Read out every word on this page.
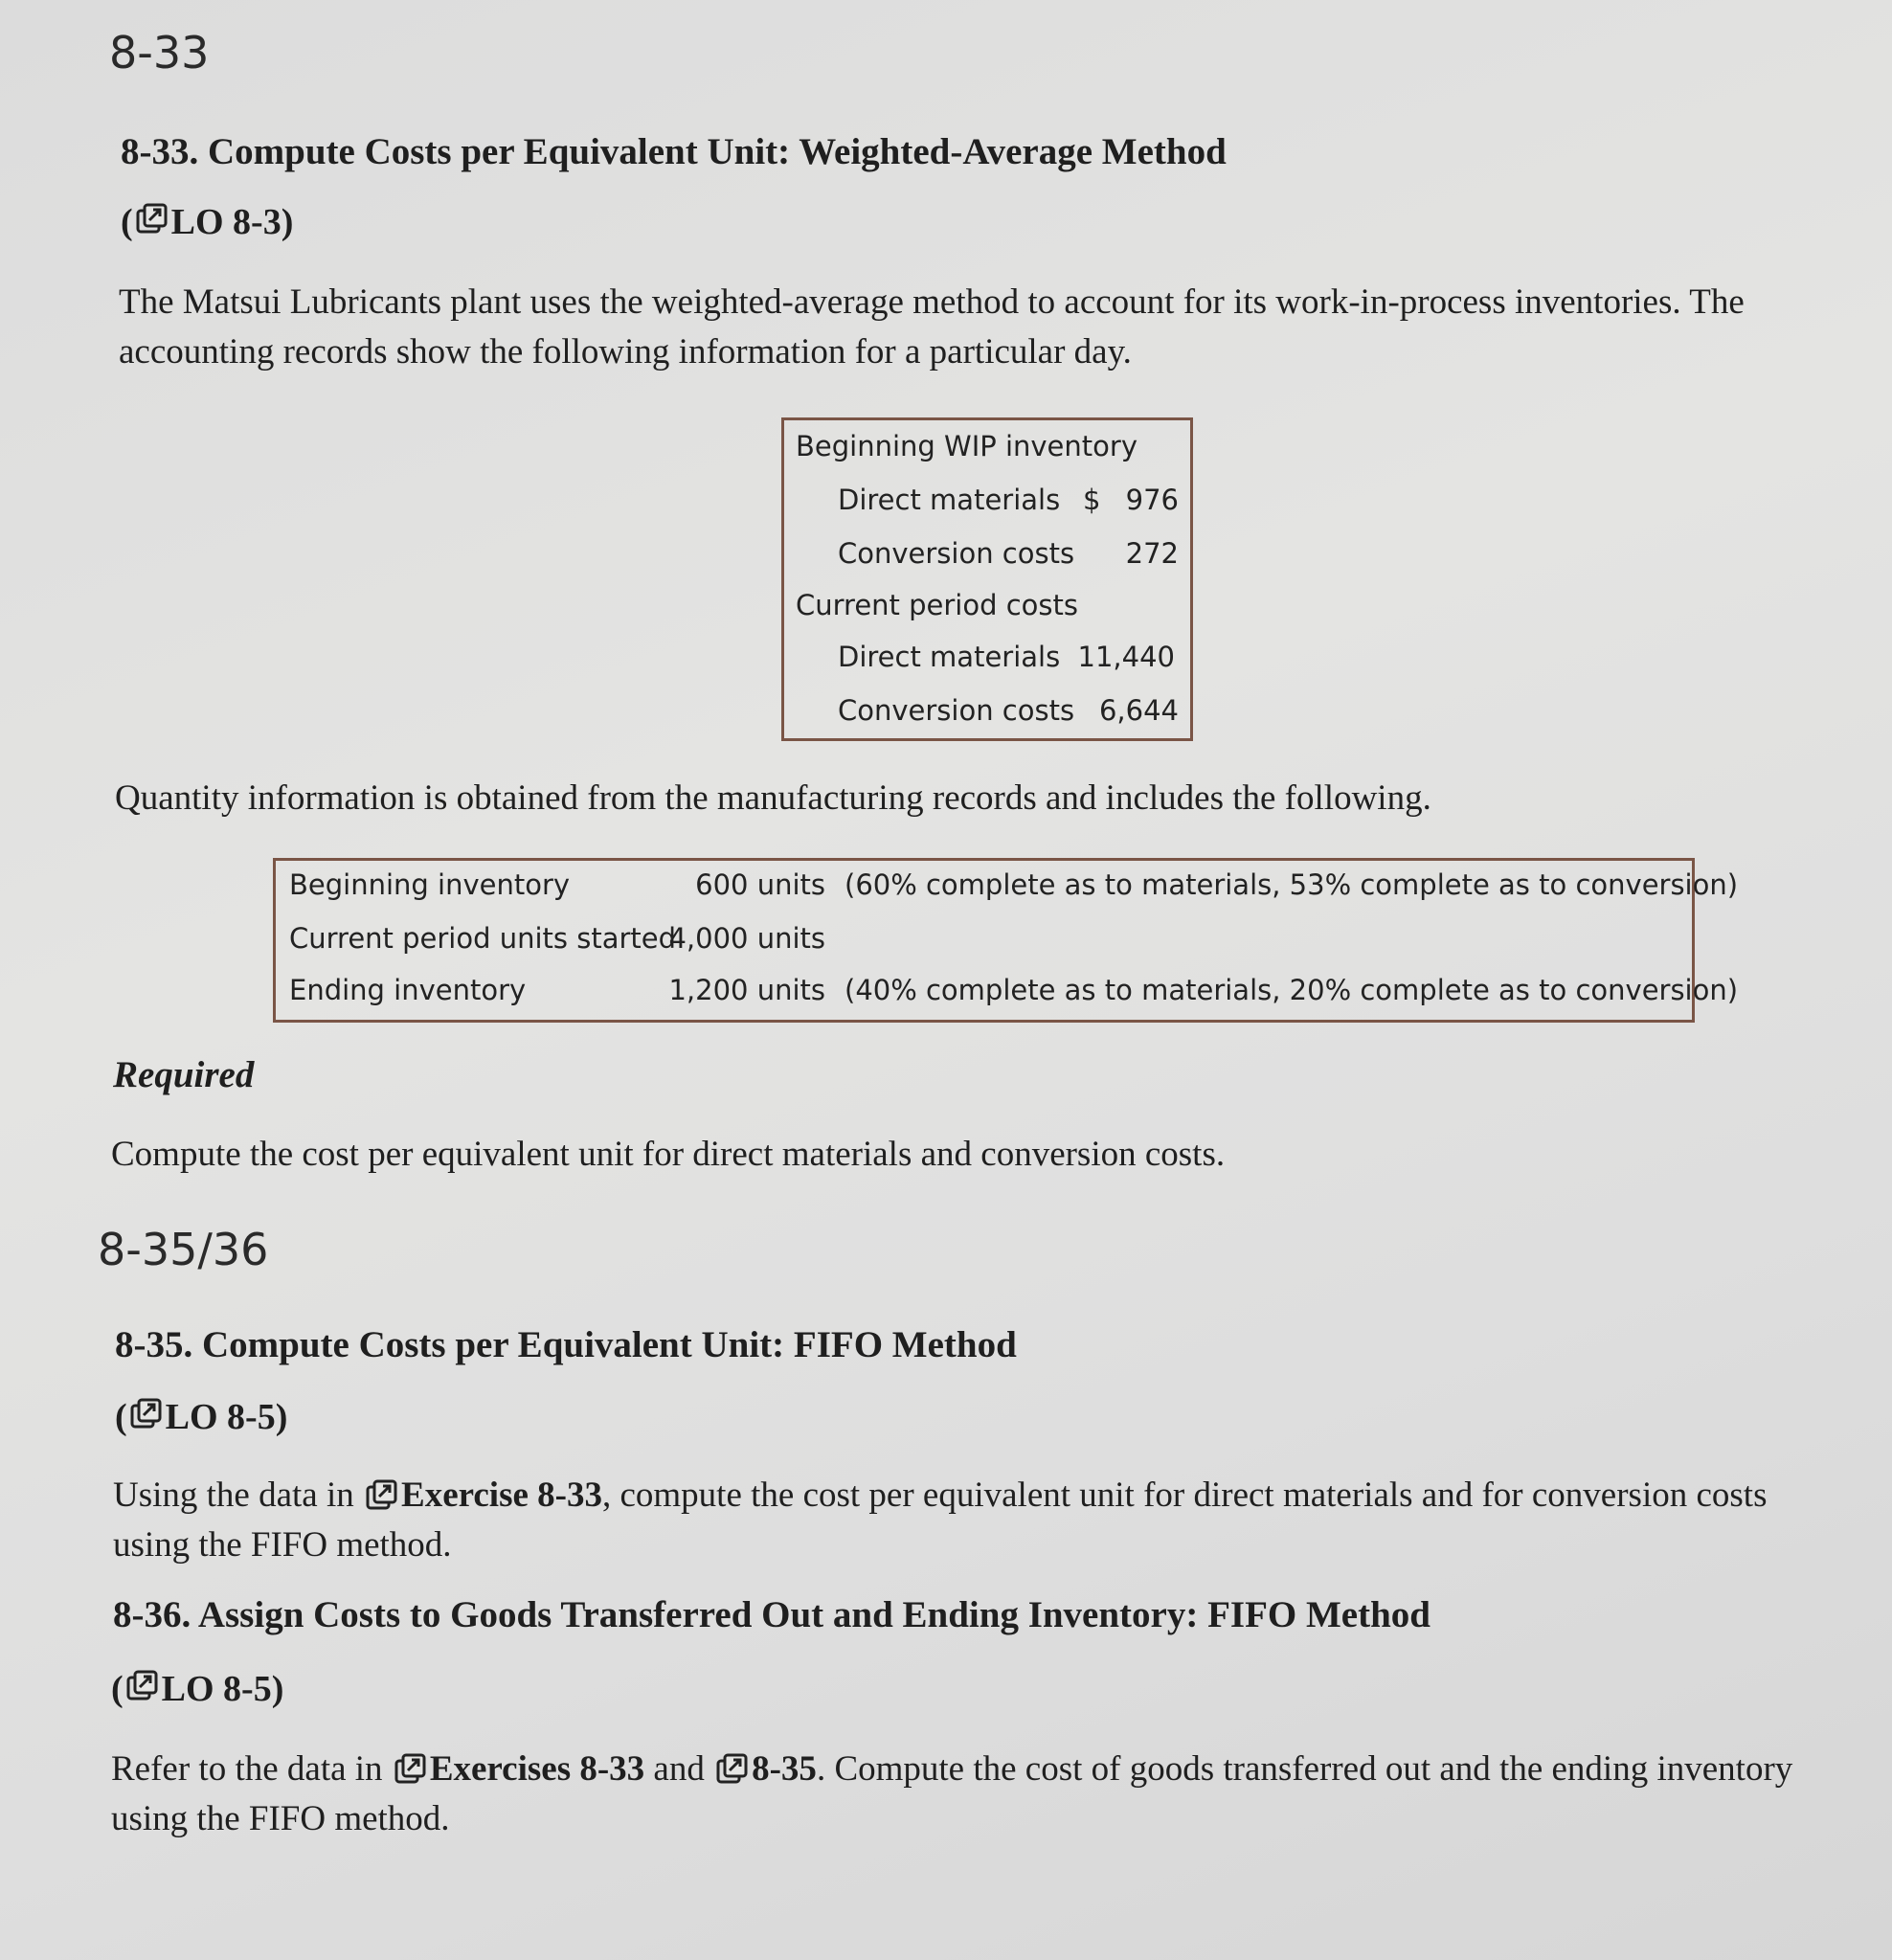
8-33
8-33. Compute Costs per Equivalent Unit: Weighted-Average Method
( LO 8-3)
The Matsui Lubricants plant uses the weighted-average method to account for its work-in-process inventories. The
accounting records show the following information for a particular day.
Beginning WIP inventory
Direct materials $ 976
Conversion costs 272
Current period costs
Direct materials 11,440
Conversion costs 6,644
Quantity information is obtained from the manufacturing records and includes the following.
Beginning inventory	600 units (60% complete as to materials, 53% complete as to conversion)
Current period units started
4,000 units
Ending inventory	1,200 units (40% complete as to materials, 20% complete as to conversion)
Required
Compute the cost per equivalent unit for direct materials and conversion costs.
8-35/36
8-35. Compute Costs per Equivalent Unit: FIFO Method
( LO 8-5)
Using the data in Exercise 8-33, compute the cost per equivalent unit for direct materials and for conversion costs
using the FIFO method.
8-36. Assign Costs to Goods Transferred Out and Ending Inventory: FIFO Method
( LO 8-5)
Refer to the data in Exercises 8-33 and 8-35. Compute the cost of goods transferred out and the ending inventory
using the FIFO method.
